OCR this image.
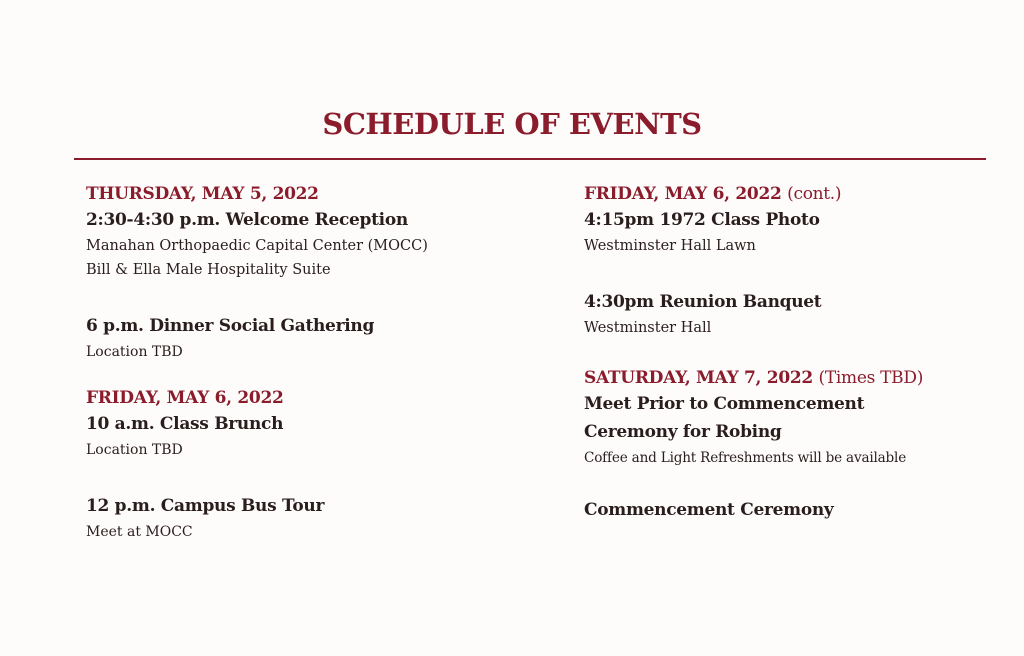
SCHEDULE OF EVENTS
THURSDAY, MAY 5, 2022
2:30-4:30 p.m. Welcome Reception
Manahan Orthopaedic Capital Center (MOCC)
Bill & Ella Male Hospitality Suite
6 p.m. Dinner Social Gathering
Location TBD
FRIDAY, MAY 6, 2022
10 a.m. Class Brunch
Location TBD
12 p.m. Campus Bus Tour
Meet at MOCC
FRIDAY, MAY 6, 2022 (cont.)
4:15pm 1972 Class Photo
Westminster Hall Lawn
4:30pm Reunion Banquet
Westminster Hall
SATURDAY, MAY 7, 2022 (Times TBD)
Meet Prior to Commencement
Ceremony for Robing
Coffee and Light Refreshments will be available
Commencement Ceremony
